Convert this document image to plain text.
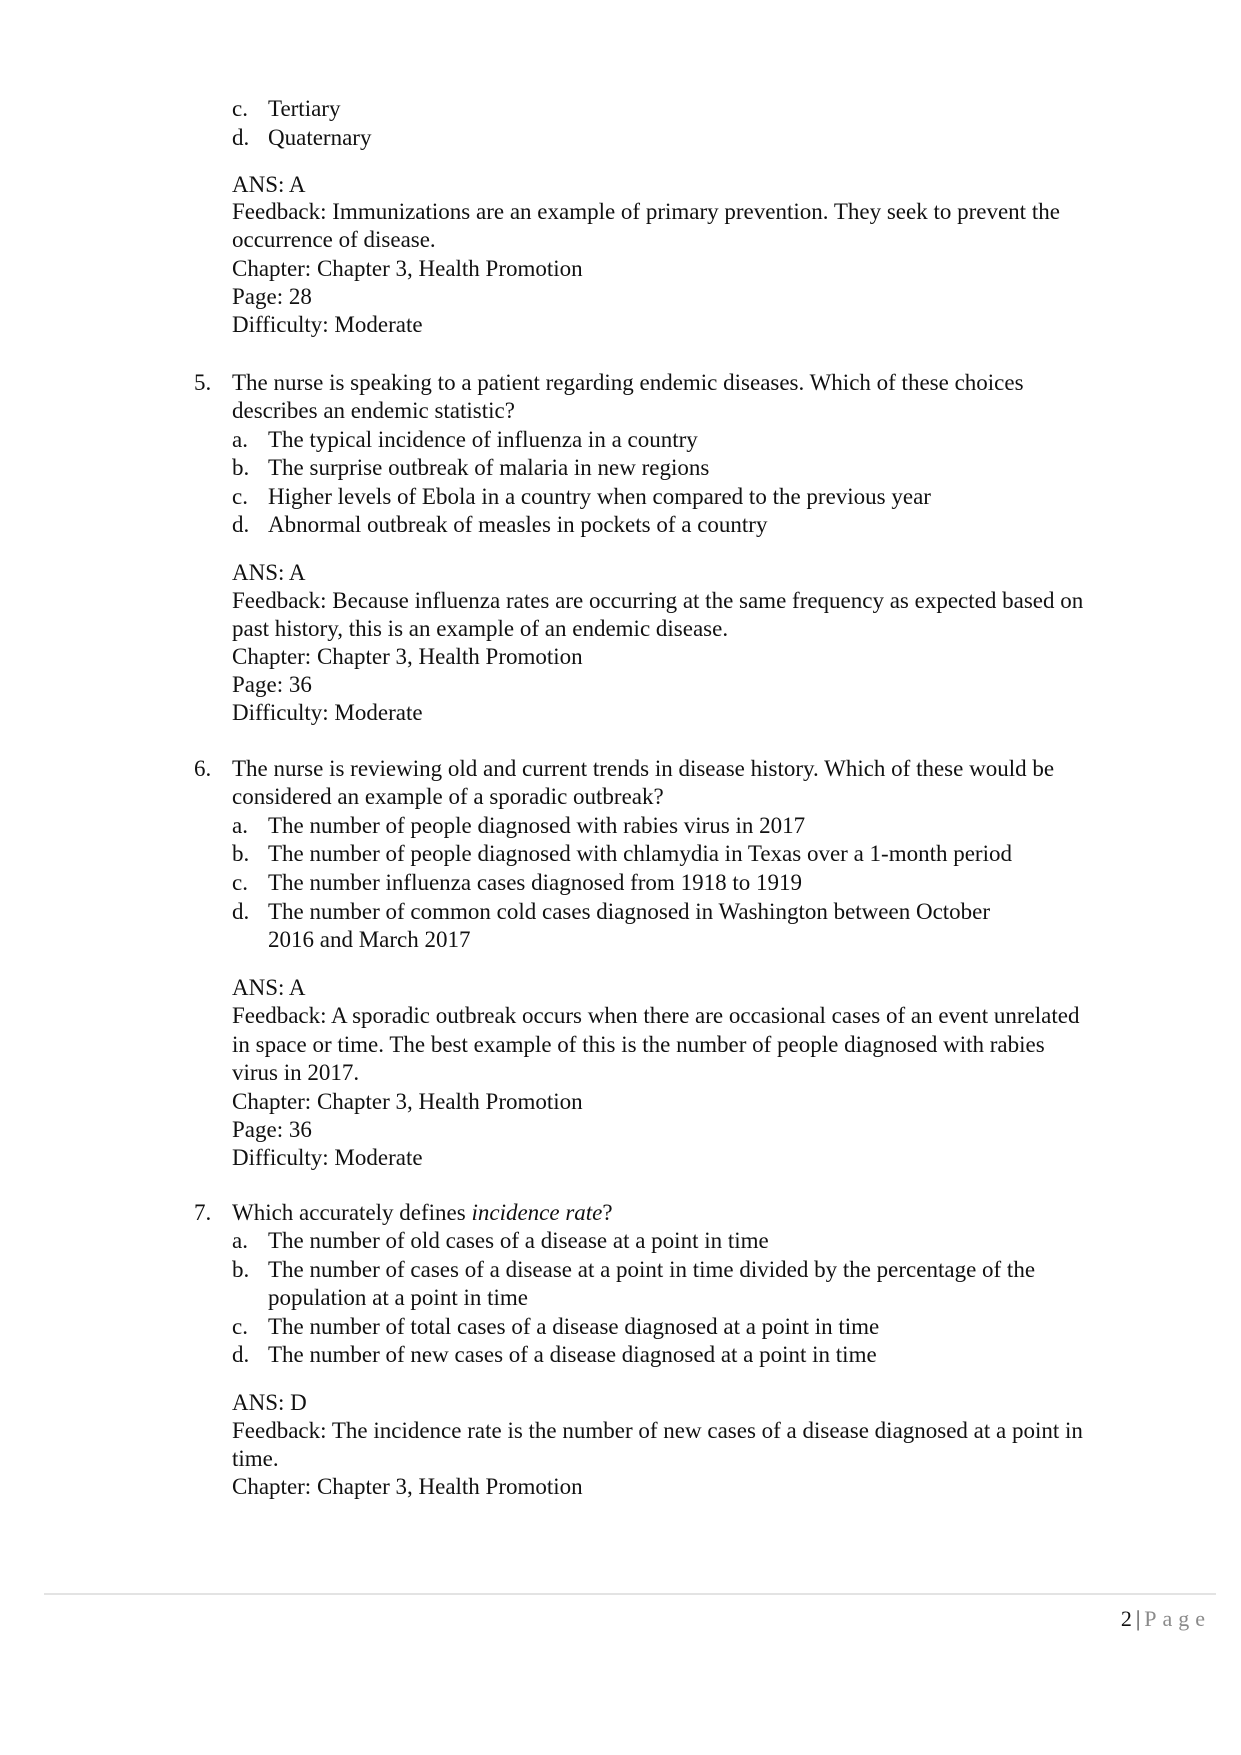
c. Tertiary
d. Quaternary
ANS: A
Feedback: Immunizations are an example of primary prevention. They seek to prevent the
occurrence of disease.
Chapter: Chapter 3, Health Promotion
Page: 28
Difficulty: Moderate
5. The nurse is speaking to a patient regarding endemic diseases. Which of these choices
describes an endemic statistic?
a. The typical incidence of influenza in a country
b. The surprise outbreak of malaria in new regions
c. Higher levels of Ebola in a country when compared to the previous year
d. Abnormal outbreak of measles in pockets of a country
ANS: A
Feedback: Because influenza rates are occurring at the same frequency as expected based on
past history, this is an example of an endemic disease.
Chapter: Chapter 3, Health Promotion
Page: 36
Difficulty: Moderate
6. The nurse is reviewing old and current trends in disease history. Which of these would be
considered an example of a sporadic outbreak?
a. The number of people diagnosed with rabies virus in 2017
b. The number of people diagnosed with chlamydia in Texas over a 1-month period
c. The number influenza cases diagnosed from 1918 to 1919
d. The number of common cold cases diagnosed in Washington between October
2016 and March 2017
ANS: A
Feedback: A sporadic outbreak occurs when there are occasional cases of an event unrelated
in space or time. The best example of this is the number of people diagnosed with rabies
virus in 2017.
Chapter: Chapter 3, Health Promotion
Page: 36
Difficulty: Moderate
7. Which accurately defines incidence rate?
a. The number of old cases of a disease at a point in time
b. The number of cases of a disease at a point in time divided by the percentage of the
population at a point in time
c. The number of total cases of a disease diagnosed at a point in time
d. The number of new cases of a disease diagnosed at a point in time
ANS: D
Feedback: The incidence rate is the number of new cases of a disease diagnosed at a point in
time.
Chapter: Chapter 3, Health Promotion
2 | Page
